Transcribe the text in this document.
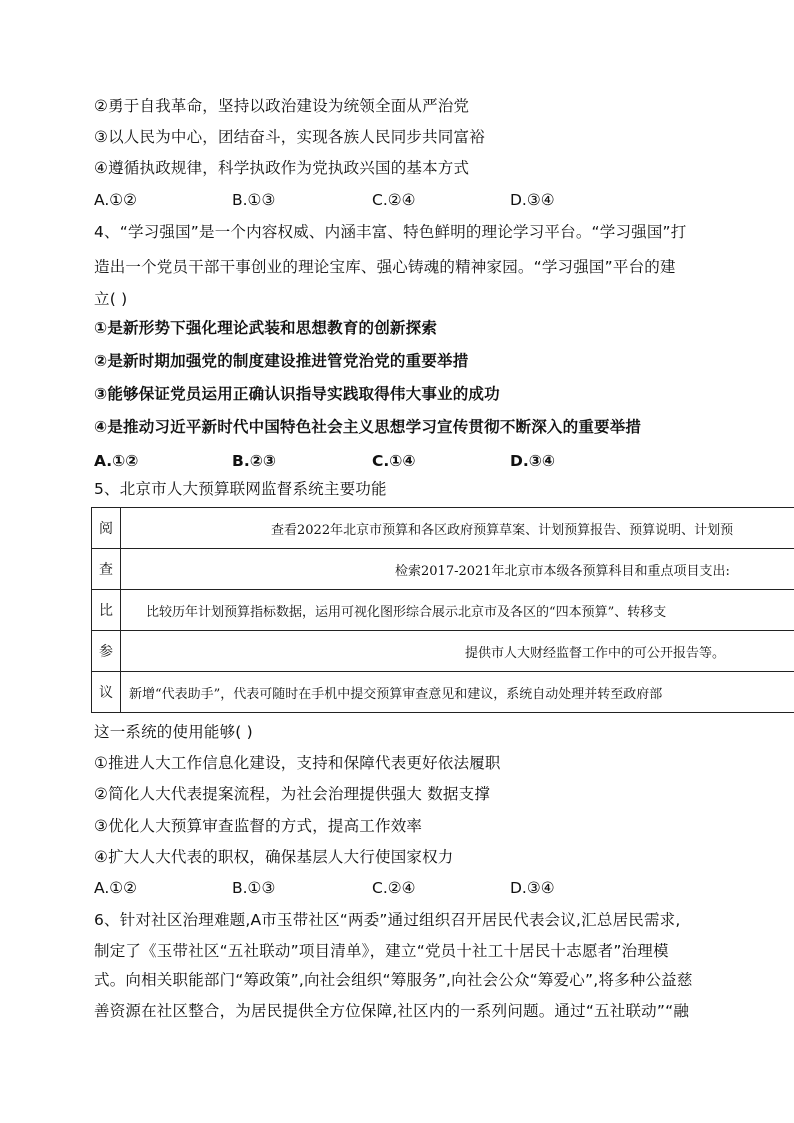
②勇于自我革命，坚持以政治建设为统领全面从严治党
③以人民为中心，团结奋斗，实现各族人民同步共同富裕
④遵循执政规律，科学执政作为党执政兴国的基本方式
A.①②	B.①③	C.②④	D.③④
4、“学习强国”是一个内容权威、内涵丰富、特色鲜明的理论学习平台。“学习强国”打
造出一个党员干部干事创业的理论宝库、强心铸魂的精神家园。“学习强国”平台的建
立( )
①是新形势下强化理论武装和思想教育的创新探索
②是新时期加强党的制度建设推进管党治党的重要举措
③能够保证党员运用正确认识指导实践取得伟大事业的成功
④是推动习近平新时代中国特色社会主义思想学习宣传贯彻不断深入的重要举措
A.①②	B.②③	C.①④	D.③④
5、北京市人大预算联网监督系统主要功能
阅	查看2022年北京市预算和各区政府预算草案、计划预算报告、预算说明、计划预
查	检索2017-2021年北京市本级各预算科目和重点项目支出:
比	比较历年计划预算指标数据，运用可视化图形综合展示北京市及各区的“四本预算”、转移支
参	提供市人大财经监督工作中的可公开报告等。
议	新增“代表助手”，代表可随时在手机中提交预算审查意见和建议，系统自动处理并转至政府部
这一系统的使用能够( )
①推进人大工作信息化建设，支持和保障代表更好依法履职
②简化人大代表提案流程，为社会治理提供强大 数据支撑
③优化人大预算审查监督的方式，提高工作效率
④扩大人大代表的职权，确保基层人大行使国家权力
A.①②	B.①③	C.②④	D.③④
6、针对社区治理难题,A市玉带社区“两委”通过组织召开居民代表会议,汇总居民需求,
制定了《玉带社区“五社联动”项目清单》，建立“党员十社工十居民十志愿者”治理模
式。向相关职能部门“筹政策”,向社会组织“筹服务”,向社会公众“筹爱心”,将多种公益慈
善资源在社区整合，为居民提供全方位保障,社区内的一系列问题。通过“五社联动”“融
